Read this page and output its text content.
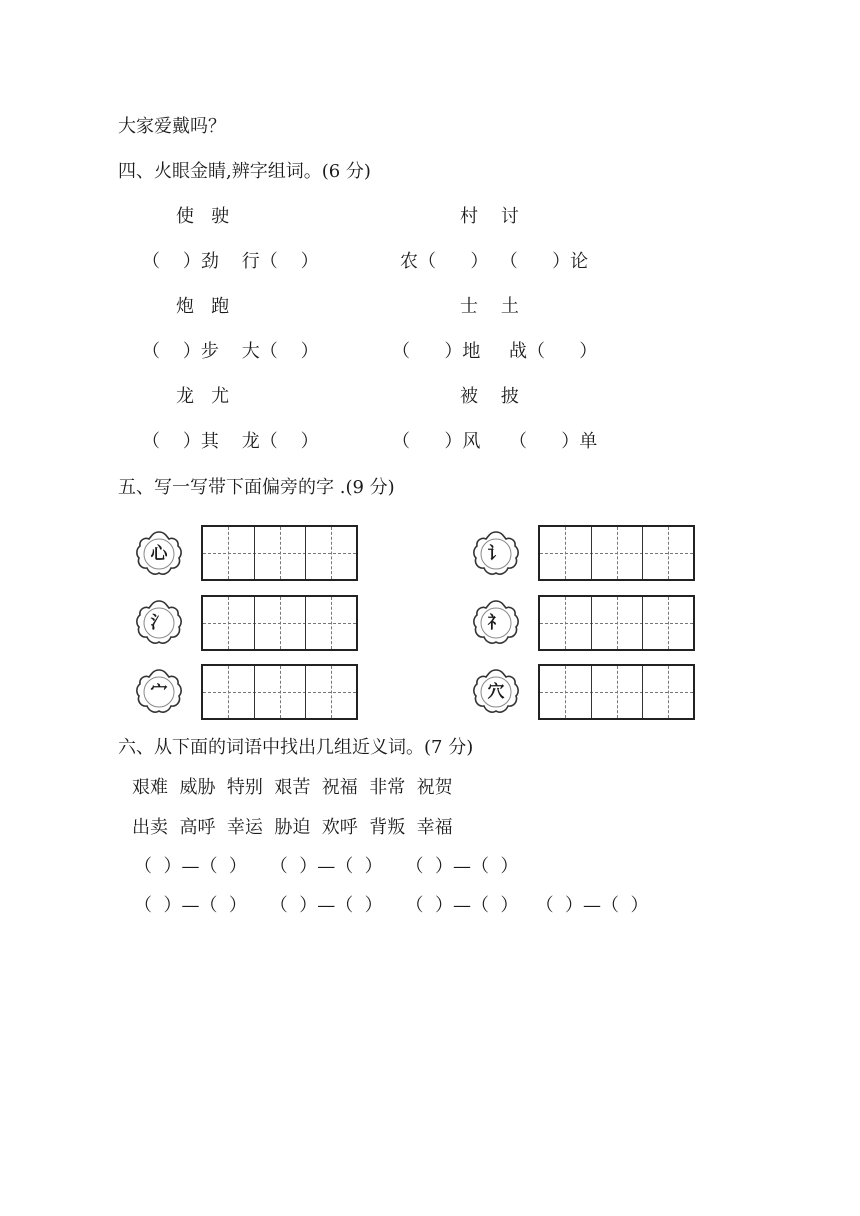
大家爱戴吗？
四、火眼金睛,辨字组词。(6 分)
使   驶	村    讨
（    ）劲    行（    ）	农（      ）  （      ）论
炮   跑	士    土
（    ）步    大（    ）	（      ）地     战（      ）
龙   尤	被    披
（    ）其    龙（    ）	（      ）风     （      ）单
五、写一写带下面偏旁的字 .(9 分)
心	讠
氵	礻
宀	穴
六、从下面的词语中找出几组近义词。(7 分)
艰难  威胁  特别  艰苦  祝福  非常  祝贺
出卖  高呼  幸运  胁迫  欢呼  背叛  幸福
（  ）—（  ）    （  ）—（  ）    （  ）—（  ）
（  ）—（  ）    （  ）—（  ）    （  ）—（  ）   （  ）—（  ）
